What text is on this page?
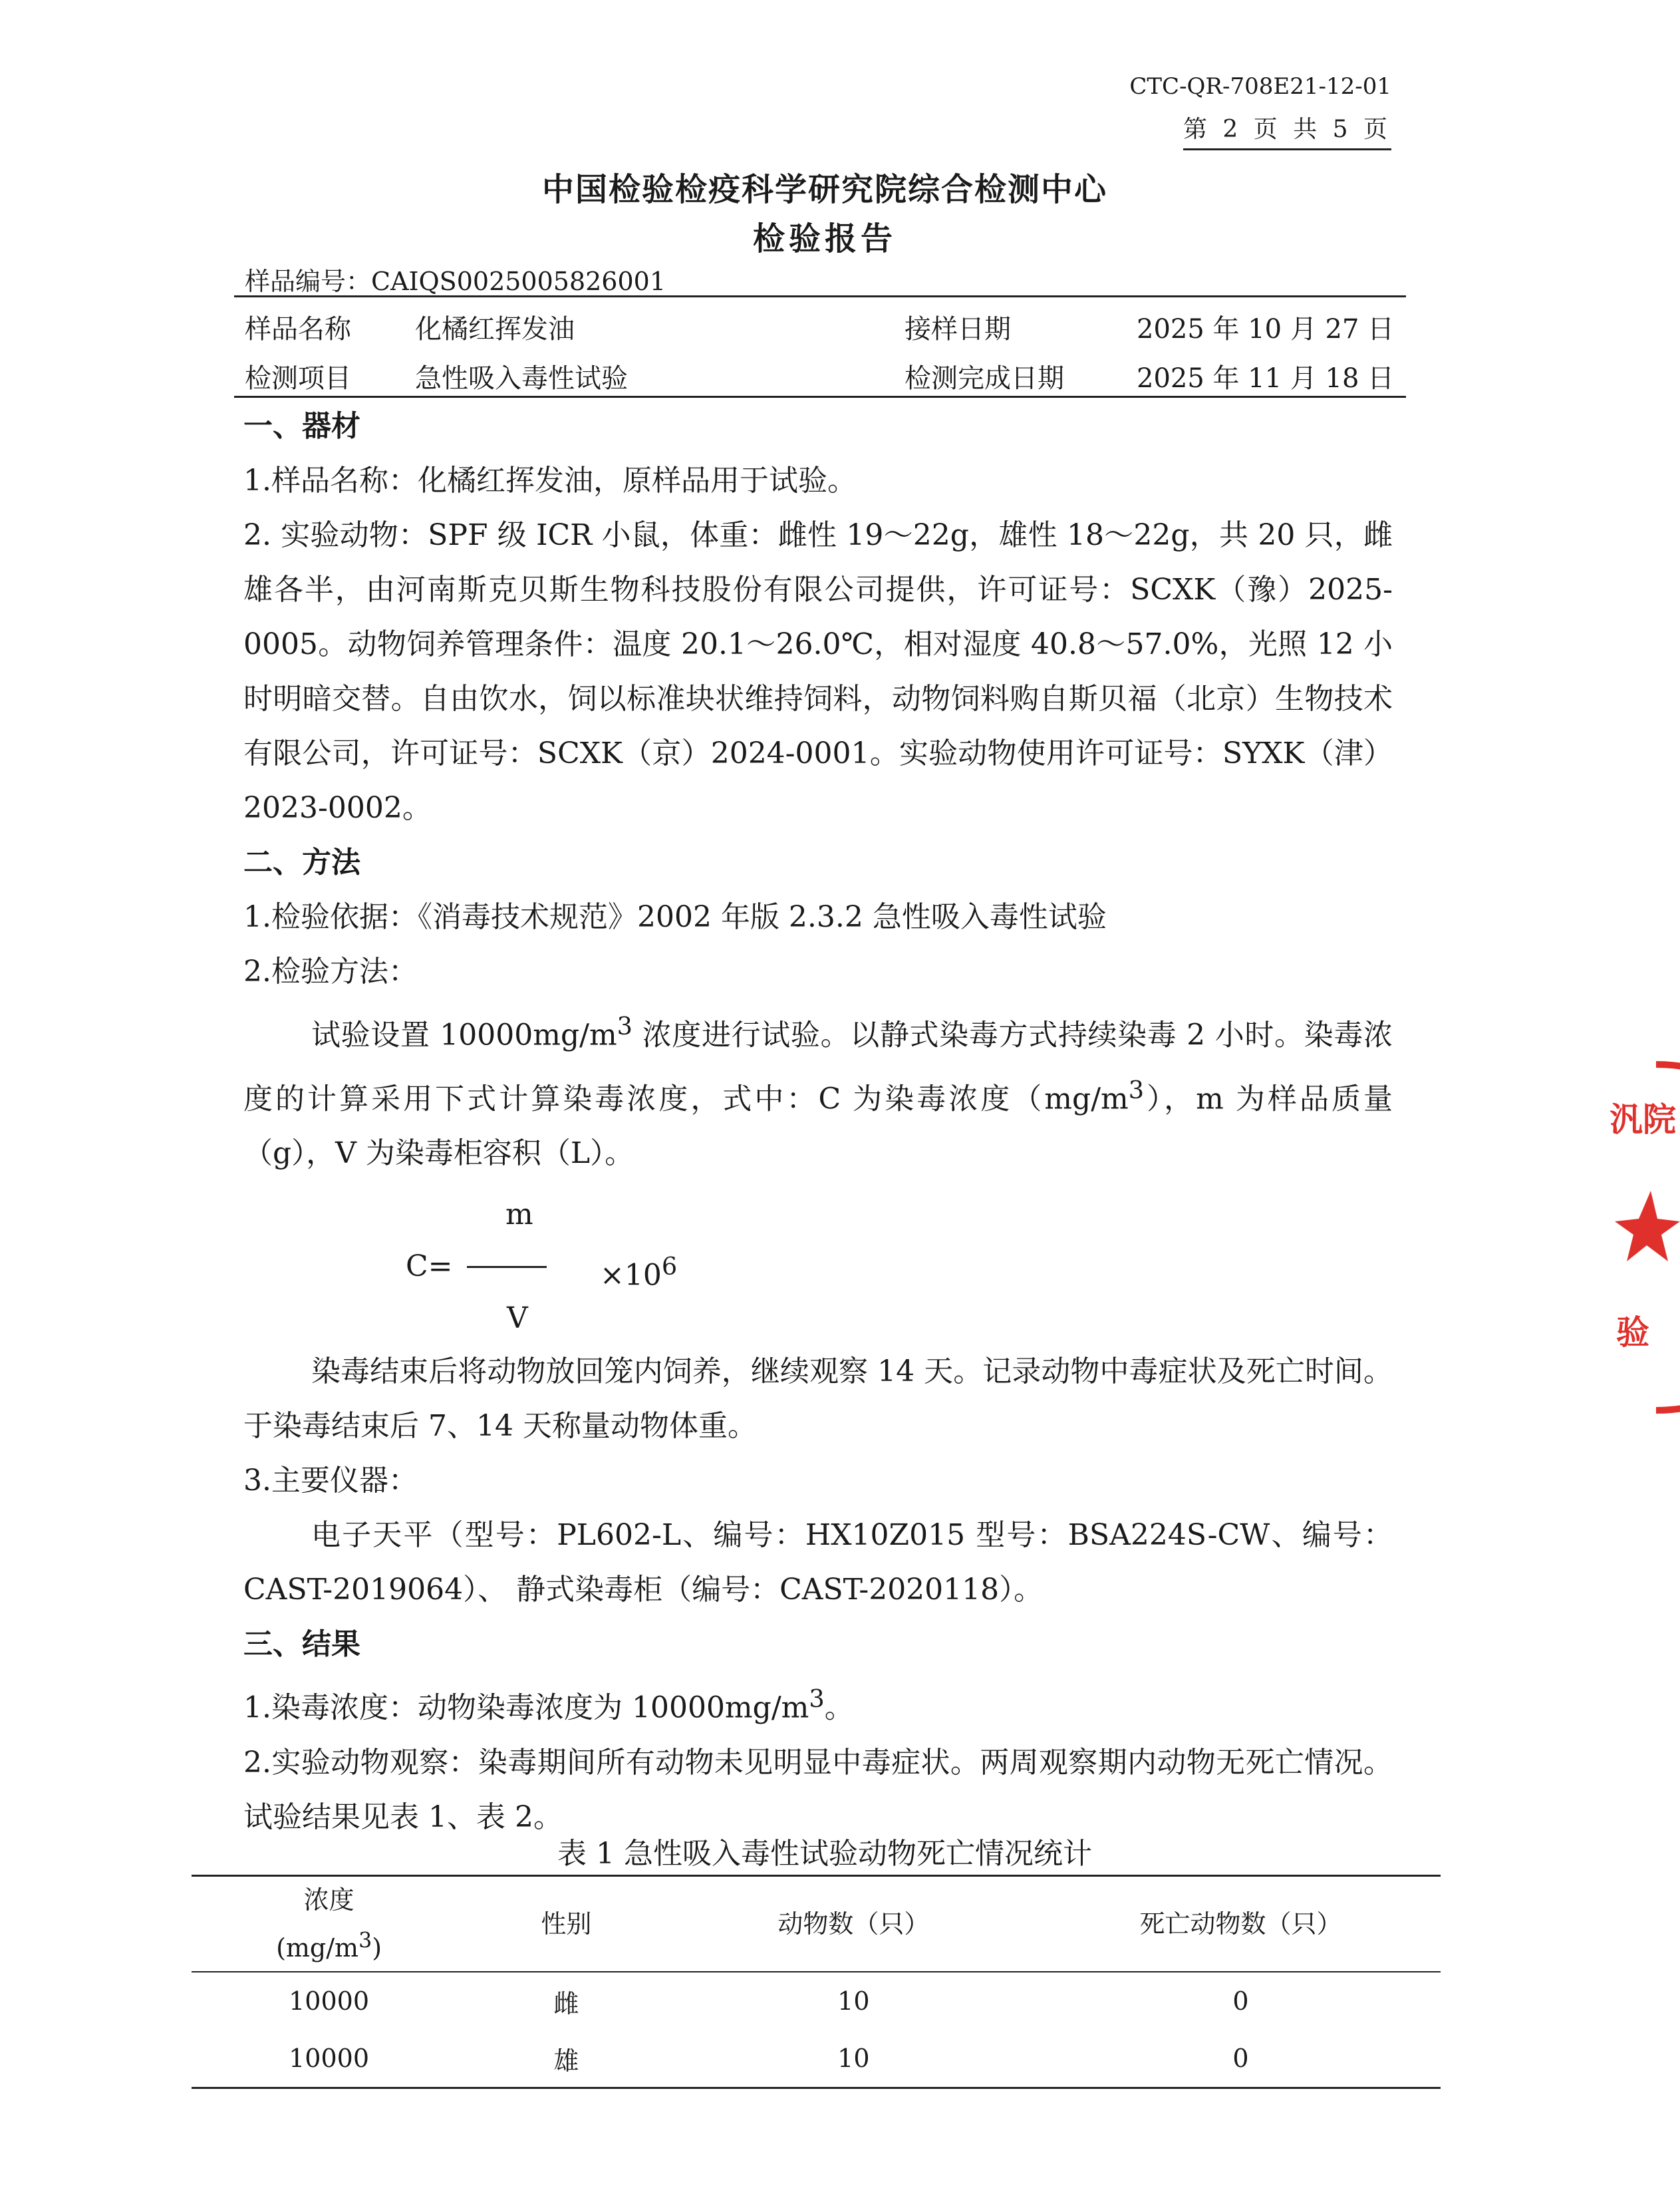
CTC-QR-708E21-12-01
第 2 页 共 5 页
中国检验检疫科学研究院综合检测中心
检验报告
样品编号：CAIQS0025005826001
样品名称 化橘红挥发油	接样日期	2025 年 10 月 27 日
检测项目 急性吸入毒性试验	检测完成日期	2025 年 11 月 18 日

一、器材

1.样品名称：化橘红挥发油，原样品用于试验。

2. 实验动物：SPF 级 ICR 小鼠，体重：雌性 19～22g，雄性 18～22g，共 20 只，雌雄各半，由河南斯克贝斯生物科技股份有限公司提供，许可证号：SCXK（豫）2025-0005。动物饲养管理条件：温度 20.1～26.0℃，相对湿度 40.8～57.0%，光照 12 小时明暗交替。自由饮水，饲以标准块状维持饲料，动物饲料购自斯贝福（北京）生物技术有限公司，许可证号：SCXK（京）2024-0001。实验动物使用许可证号：SYXK（津）2023-0002。

二、方法

1.检验依据：《消毒技术规范》2002 年版 2.3.2 急性吸入毒性试验

2.检验方法：

试验设置 $10000mg/m^3$ 浓度进行试验。以静式染毒方式持续染毒 2 小时。染毒浓度的计算采用下式计算染毒浓度，式中：C 为染毒浓度$(mg/m^3)$，m 为样品质量（g），V 为染毒柜容积（L）。

m
C=	$\times 10^6$
V

染毒结束后将动物放回笼内饲养，继续观察 14 天。记录动物中毒症状及死亡时间。于染毒结束后 7、14 天称量动物体重。

3.主要仪器：

电子天平（型号：PL602-L、编号：HX10Z015 型号：BSA224S-CW、编号：CAST-2019064）、 静式染毒柜（编号：CAST-2020118）。

三、结果

1.染毒浓度：动物染毒浓度为 $10000mg/m^3$。

2.实验动物观察：染毒期间所有动物未见明显中毒症状。两周观察期内动物无死亡情况。试验结果见表 1、表 2。

表 1 急性吸入毒性试验动物死亡情况统计
浓度
$(mg/m^3)$	性别	动物数（只）	死亡动物数（只）
10000	雌	10	0
10000	雄	10	0
汎院
验
